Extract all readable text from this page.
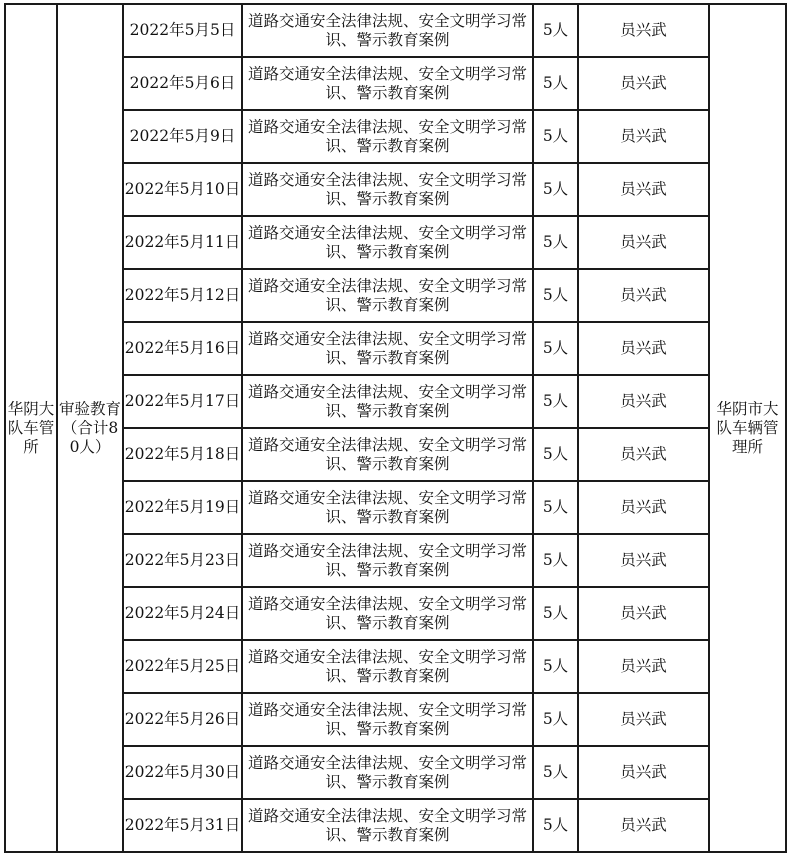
华阴大队车管所	审验教育（合计80人）	2022年5月5日	道路交通安全法律法规、安全文明学习常识、警示教育案例	5人	员兴武	华阴市大队车辆管理所
		2022年5月6日	道路交通安全法律法规、安全文明学习常识、警示教育案例	5人	员兴武	
		2022年5月9日	道路交通安全法律法规、安全文明学习常识、警示教育案例	5人	员兴武	
		2022年5月10日	道路交通安全法律法规、安全文明学习常识、警示教育案例	5人	员兴武	
		2022年5月11日	道路交通安全法律法规、安全文明学习常识、警示教育案例	5人	员兴武	
		2022年5月12日	道路交通安全法律法规、安全文明学习常识、警示教育案例	5人	员兴武	
		2022年5月16日	道路交通安全法律法规、安全文明学习常识、警示教育案例	5人	员兴武	
		2022年5月17日	道路交通安全法律法规、安全文明学习常识、警示教育案例	5人	员兴武	
		2022年5月18日	道路交通安全法律法规、安全文明学习常识、警示教育案例	5人	员兴武	
		2022年5月19日	道路交通安全法律法规、安全文明学习常识、警示教育案例	5人	员兴武	
		2022年5月23日	道路交通安全法律法规、安全文明学习常识、警示教育案例	5人	员兴武	
		2022年5月24日	道路交通安全法律法规、安全文明学习常识、警示教育案例	5人	员兴武	
		2022年5月25日	道路交通安全法律法规、安全文明学习常识、警示教育案例	5人	员兴武	
		2022年5月26日	道路交通安全法律法规、安全文明学习常识、警示教育案例	5人	员兴武	
		2022年5月30日	道路交通安全法律法规、安全文明学习常识、警示教育案例	5人	员兴武	
		2022年5月31日	道路交通安全法律法规、安全文明学习常识、警示教育案例	5人	员兴武	
